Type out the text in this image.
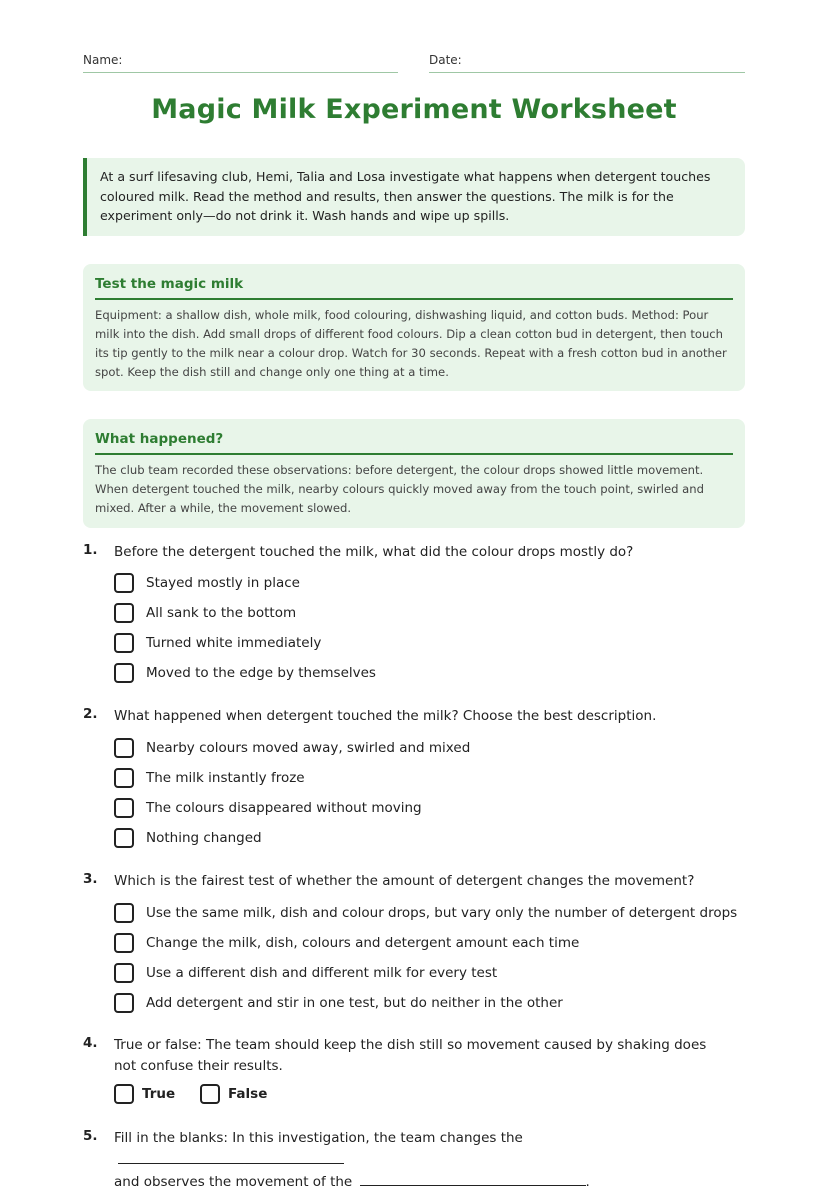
Name:	Date:
Magic Milk Experiment Worksheet
At a surf lifesaving club, Hemi, Talia and Losa investigate what happens when detergent touches coloured milk. Read the method and results, then answer the questions. The milk is for the experiment only—do not drink it. Wash hands and wipe up spills.
Test the magic milk
Equipment: a shallow dish, whole milk, food colouring, dishwashing liquid, and cotton buds. Method: Pour milk into the dish. Add small drops of different food colours. Dip a clean cotton bud in detergent, then touch its tip gently to the milk near a colour drop. Watch for 30 seconds. Repeat with a fresh cotton bud in another spot. Keep the dish still and change only one thing at a time.
What happened?
The club team recorded these observations: before detergent, the colour drops showed little movement. When detergent touched the milk, nearby colours quickly moved away from the touch point, swirled and mixed. After a while, the movement slowed.
1. Before the detergent touched the milk, what did the colour drops mostly do?
Stayed mostly in place
All sank to the bottom
Turned white immediately
Moved to the edge by themselves
2. What happened when detergent touched the milk? Choose the best description.
Nearby colours moved away, swirled and mixed
The milk instantly froze
The colours disappeared without moving
Nothing changed
3. Which is the fairest test of whether the amount of detergent changes the movement?
Use the same milk, dish and colour drops, but vary only the number of detergent drops
Change the milk, dish, colours and detergent amount each time
Use a different dish and different milk for every test
Add detergent and stir in one test, but do neither in the other
4. True or false: The team should keep the dish still so movement caused by shaking does not confuse their results.
True	False
5. Fill in the blanks: In this investigation, the team changes the
and observes the movement of the	.
